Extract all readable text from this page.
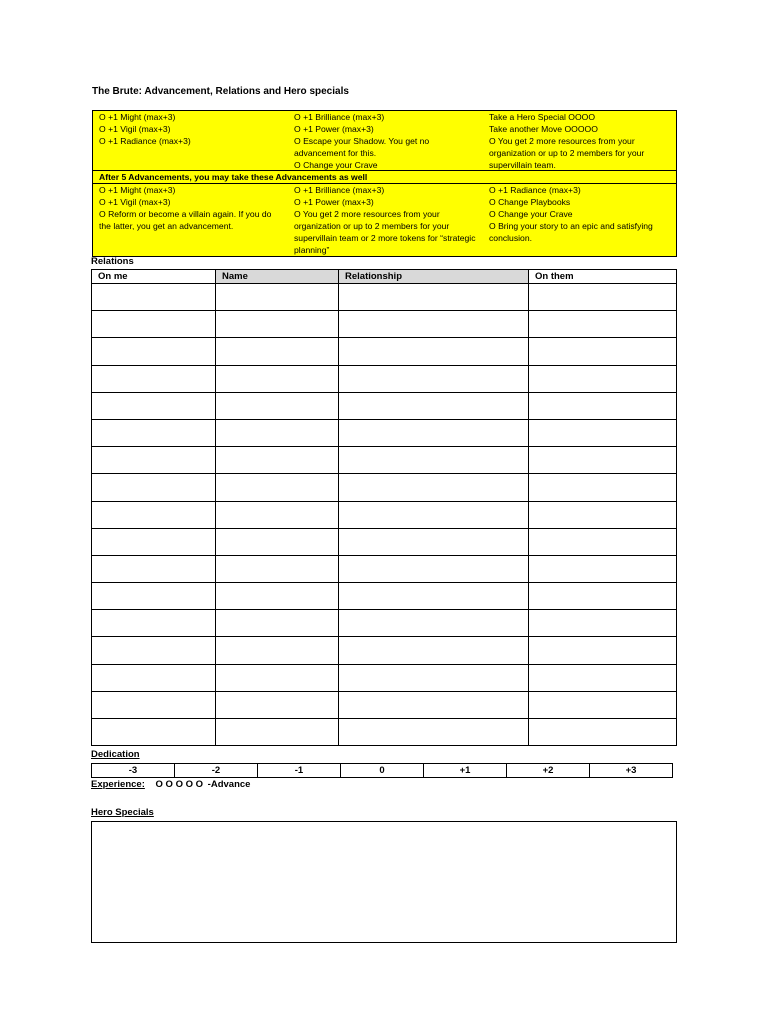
The Brute: Advancement, Relations and Hero specials
O +1 Might (max+3)
O +1 Vigil (max+3)
O +1 Radiance (max+3)
O +1 Brilliance (max+3)
O +1 Power (max+3)
O Escape your Shadow. You get no advancement for this.
O Change your Crave
Take a Hero Special OOOO
Take another Move OOOOO
O You get 2 more resources from your organization or up to 2 members for your supervillain team.
After 5 Advancements, you may take these Advancements as well
O +1 Might (max+3)
O +1 Vigil (max+3)
O Reform or become a villain again. If you do the latter, you get an advancement.
O +1 Brilliance (max+3)
O +1 Power (max+3)
O You get 2 more resources from your organization or up to 2 members for your supervillain team or 2 more tokens for “strategic planning”
O +1 Radiance (max+3)
O Change Playbooks
O Change your Crave
O Bring your story to an epic and satisfying conclusion.
Relations
On me	Name	Relationship	On them

Dedication
-3	-2	-1	0	+1	+2	+3
Experience: O O O O O -Advance
Hero Specials
